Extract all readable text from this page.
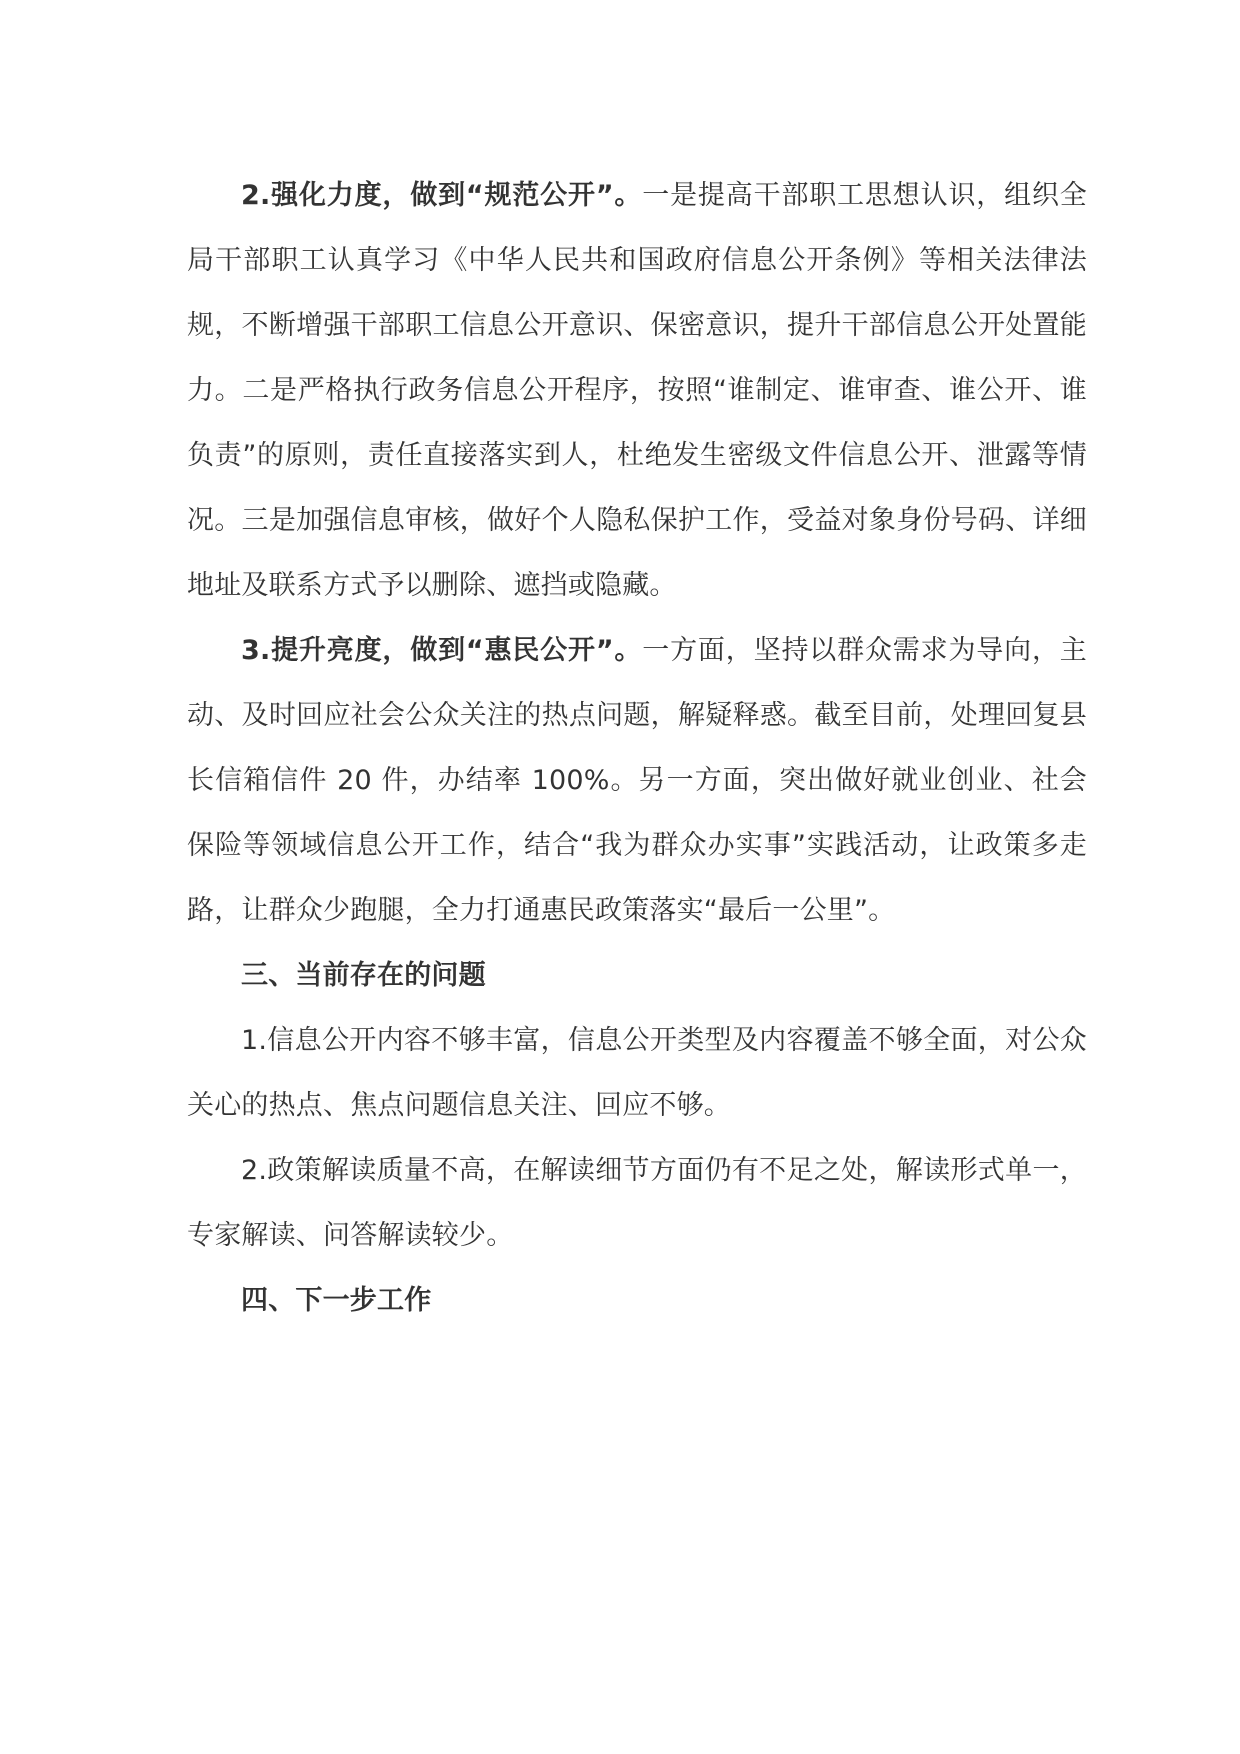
2.强化力度，做到“规范公开”。一是提高干部职工思想认识，组织全局干部职工认真学习《中华人民共和国政府信息公开条例》等相关法律法规，不断增强干部职工信息公开意识、保密意识，提升干部信息公开处置能力。二是严格执行政务信息公开程序，按照“谁制定、谁审查、谁公开、谁负责”的原则，责任直接落实到人，杜绝发生密级文件信息公开、泄露等情况。三是加强信息审核，做好个人隐私保护工作，受益对象身份号码、详细地址及联系方式予以删除、遮挡或隐藏。

3.提升亮度，做到“惠民公开”。一方面，坚持以群众需求为导向，主动、及时回应社会公众关注的热点问题，解疑释惑。截至目前，处理回复县长信箱信件 20 件，办结率 100%。另一方面，突出做好就业创业、社会保险等领域信息公开工作，结合“我为群众办实事”实践活动，让政策多走路，让群众少跑腿，全力打通惠民政策落实“最后一公里”。

三、当前存在的问题

1.信息公开内容不够丰富，信息公开类型及内容覆盖不够全面，对公众关心的热点、焦点问题信息关注、回应不够。

2.政策解读质量不高，在解读细节方面仍有不足之处，解读形式单一，专家解读、问答解读较少。

四、下一步工作
